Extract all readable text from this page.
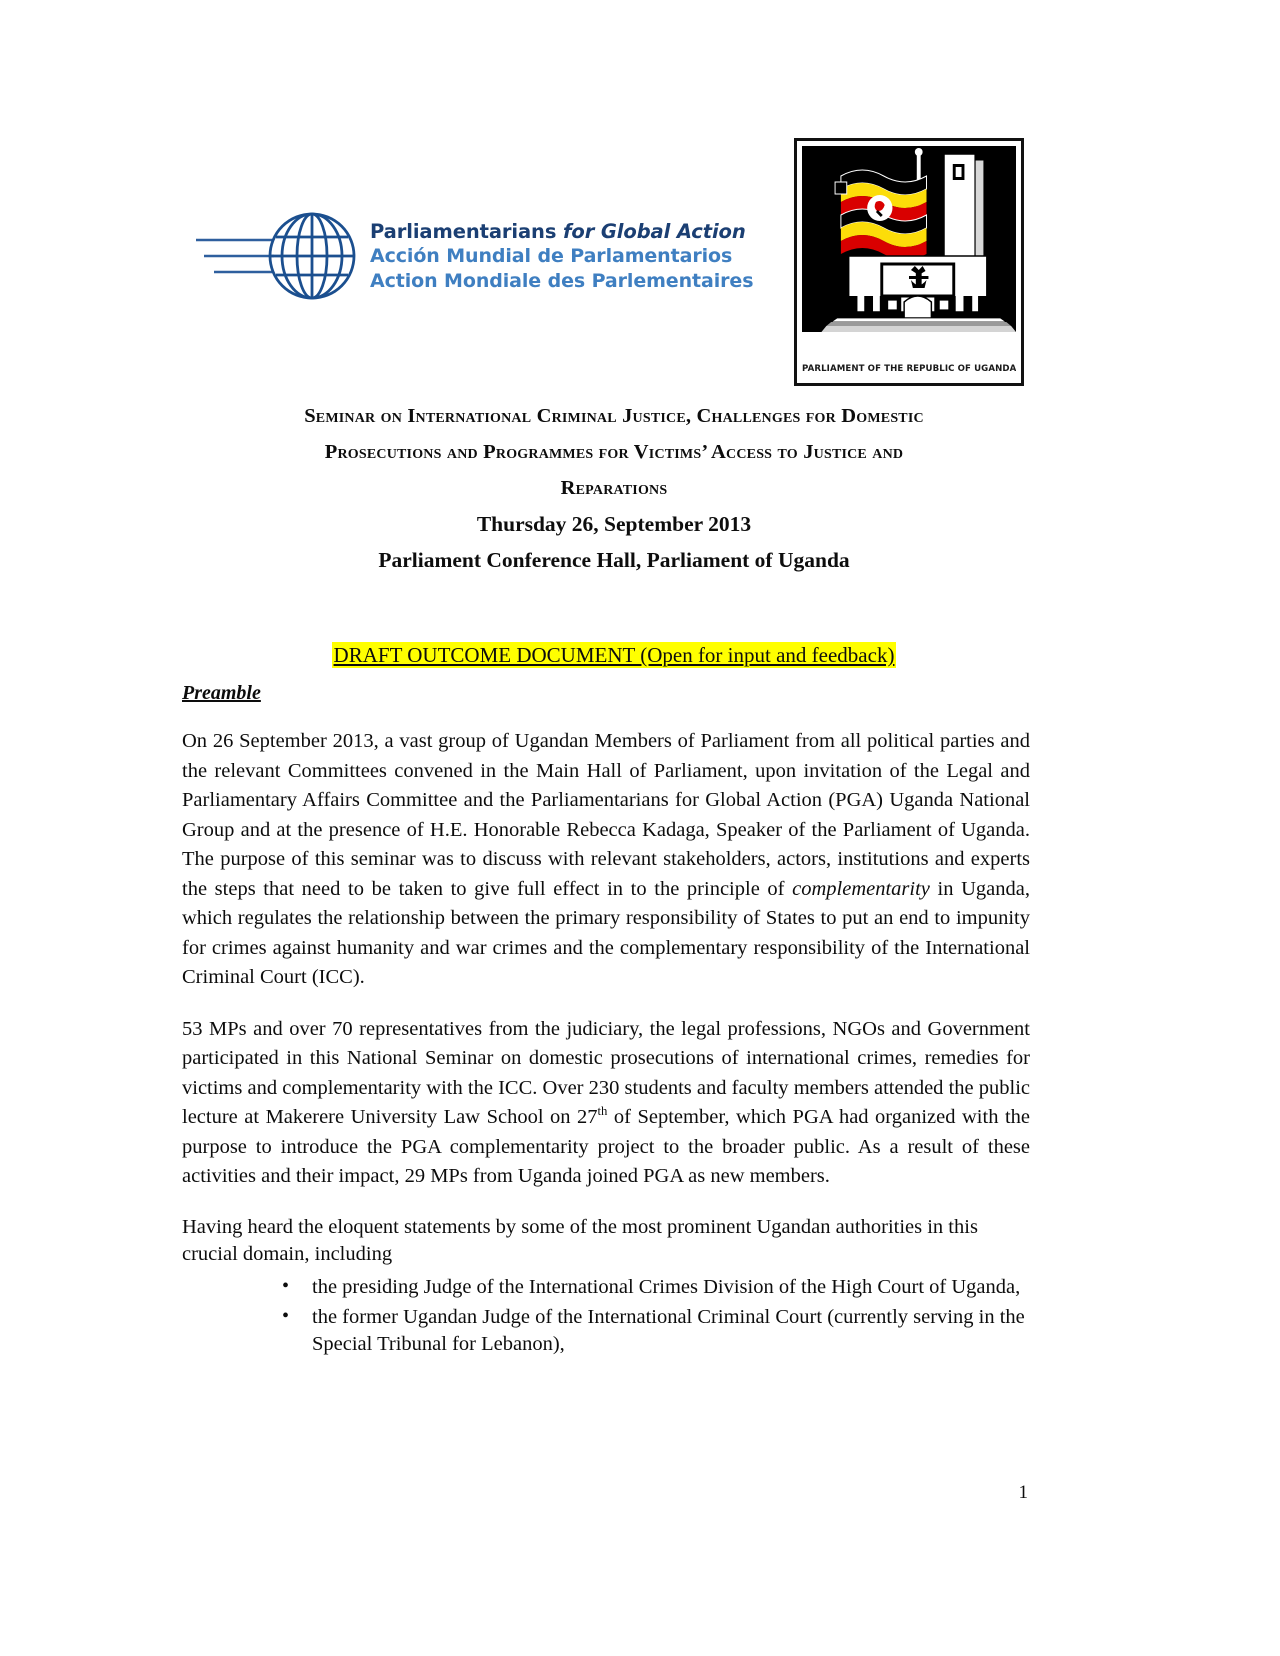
Parliamentarians for Global Action
Acción Mundial de Parlamentarios
Action Mondiale des Parlementaires
PARLIAMENT OF THE REPUBLIC OF UGANDA
Seminar on International Criminal Justice, Challenges for Domestic
Prosecutions and Programmes for Victims’ Access to Justice and
Reparations
Thursday 26, September 2013
Parliament Conference Hall, Parliament of Uganda
DRAFT OUTCOME DOCUMENT (Open for input and feedback)
Preamble

On 26 September 2013, a vast group of Ugandan Members of Parliament from all political parties and the relevant Committees convened in the Main Hall of Parliament, upon invitation of the Legal and Parliamentary Affairs Committee and the Parliamentarians for Global Action (PGA) Uganda National Group and at the presence of H.E. Honorable Rebecca Kadaga, Speaker of the Parliament of Uganda. The purpose of this seminar was to discuss with relevant stakeholders, actors, institutions and experts the steps that need to be taken to give full effect in to the principle of complementarity in Uganda, which regulates the relationship between the primary responsibility of States to put an end to impunity for crimes against humanity and war crimes and the complementary responsibility of the International Criminal Court (ICC).

53 MPs and over 70 representatives from the judiciary, the legal professions, NGOs and Government participated in this National Seminar on domestic prosecutions of international crimes, remedies for victims and complementarity with the ICC. Over 230 students and faculty members attended the public lecture at Makerere University Law School on 27th of September, which PGA had organized with the purpose to introduce the PGA complementarity project to the broader public. As a result of these activities and their impact, 29 MPs from Uganda joined PGA as new members.

Having heard the eloquent statements by some of the most prominent Ugandan authorities in this crucial domain, including

• the presiding Judge of the International Crimes Division of the High Court of Uganda,
• the former Ugandan Judge of the International Criminal Court (currently serving in the Special Tribunal for Lebanon),
1
